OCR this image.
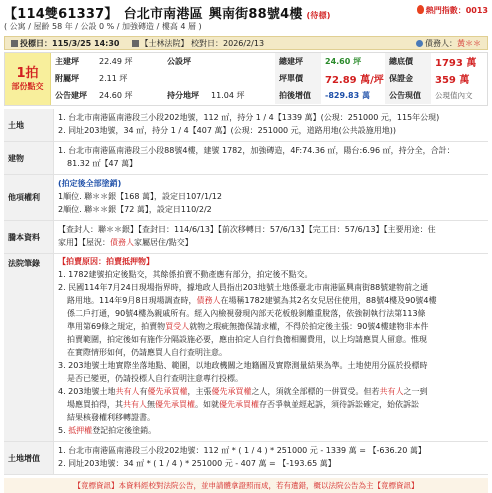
【114雙61337】 台北市南港區 興南街88號4樓 (待標)
熱門指數：0013
( 公寓 / 屋齡 58 年 / 公設 0 % / 加強磚造 / 樓高 4 層 )
投標日：115/3/25 14:30	【士林法院】 校對日：2026/2/13	債務人： 黃＊＊
1拍
部份點交
主建坪	22.49 坪	公設坪	總建坪	24.60 坪	總底價	1793 萬
附屬坪	2.11 坪	坪單價	72.89 萬/坪 保證金	359 萬
公告建坪	24.60 坪	持分地坪	11.04 坪	拍後增值	-829.83 萬	公告現值	公現值內文
土地
1. 台北市南港區南港段三小段202地號，112 ㎡，持分 1 / 4【1339 萬】(公現：251000 元，115年公現)
2. 同址203地號，34 ㎡，持分 1 / 4【407 萬】(公現：251000 元，道路用地(公共設施用地))
建物
1. 台北市南港區南港段三小段88號4樓，建號 1782，加強磚造，4F:74.36 ㎡，陽台:6.96 ㎡，持分全，合計：
81.32 ㎡【47 萬】
他項權利
(拍定後全部塗銷)
1順位. 聯＊＊銀【168 萬】，設定日107/1/12
2順位. 聯＊＊銀【72 萬】，設定日110/2/2
騰本資料
【查封人：聯＊＊銀】【查封日：114/6/13】【前次移轉日：57/6/13】【完工日：57/6/13】【主要用途：住
家用】【屋況：債務人家屬居住/點交】
法院筆錄	【拍賣原因：拍賣抵押物】
1. 1782建號拍定後點交，其餘係拍賣不動產應有部分，拍定後不點交。
2. 民國114年7月24日現場指界時，據地政人員指出203地號土地係臺北市南港區興南街88號建物前之通
路用地。114年9月8日現場調查時，債務人在場稱1782建號為其2名女兒居住使用，88號4樓及90號4樓
係二戶打通，90號4樓為親戚所有。經入內檢視發現內部天花板般剝離重脫落，依強制執行法第113條
準用第69條之規定，拍賣物買受人就物之瑕疵無擔保請求權，不得於拍定後主張：90號4樓建物非本件
拍賣範圍，拍定後如有施作分隔設施必要，應由拍定人自行負擔相關費用，以上均請應買人留意。惟現
在實際情形如何，仍請應買人自行查明注意。
3. 203地號土地實際坐落地點、範圍，以地政機關之地籍圖及實際測量結果為準。土地使用分區於投標時
是否已變更，仍請投標人自行查明注意專行投標。
4. 203地號土地共有人有優先承買權，主張優先承買權之人，須就全部標的一併買受。但若共有人之一到
場應買拍得，其共有人無優先承買權。如就優先承買權存否爭執並經起訴，須待訴訟確定，始依訴訟
結果核發權利移轉證書。
5. 抵押權登記拍定後塗銷。
土地增值
1. 台北市南港區南港段三小段202地號：112 ㎡ * ( 1 / 4 ) * 251000 元 - 1339 萬 = 【-636.20 萬】
2. 同址203地號：34 ㎡ * ( 1 / 4 ) * 251000 元 - 407 萬 = 【-193.65 萬】
【竟標資訊】本資料經校對法院公告，並申請體拿證照而成，若有遺錯，概以法院公告為主【竟標資訊】
